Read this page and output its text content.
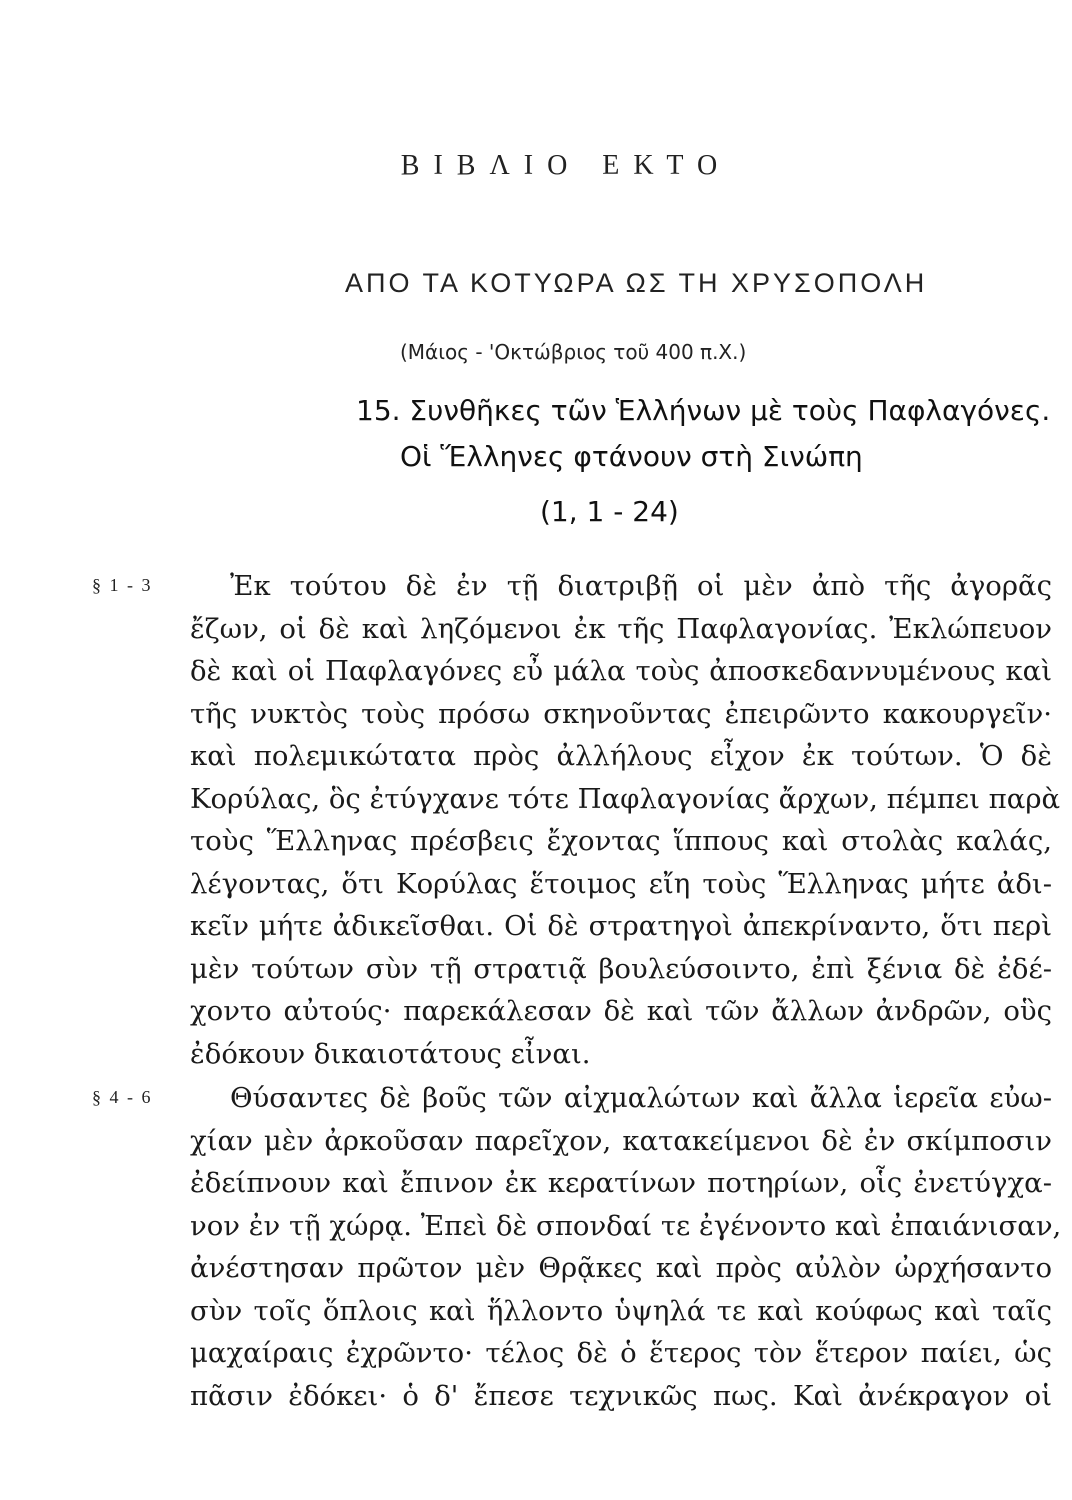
ΒΙΒΛΙΟ ΕΚΤΟ
ΑΠΟ ΤΑ ΚΟΤΥΩΡΑ ΩΣ ΤΗ ΧΡΥΣΟΠΟΛΗ

(Μάιος - 'Οκτώβριος τοῦ 400 π.Χ.)

15. Συνθῆκες τῶν Ἑλλήνων μὲ τοὺς Παφλαγόνες.
Οἱ Ἕλληνες φτάνουν στὴ Σινώπη

(1, 1 - 24)

§ 1 - 3	Ἐκ τούτου δὲ ἐν τῇ διατριβῇ οἱ μὲν ἀπὸ τῆς ἀγορᾶς
ἔζων, οἱ δὲ καὶ ληζόμενοι ἐκ τῆς Παφλαγονίας. Ἐκλώπευον
δὲ καὶ οἱ Παφλαγόνες εὖ μάλα τοὺς ἀποσκεδαννυμένους καὶ
τῆς νυκτὸς τοὺς πρόσω σκηνοῦντας ἐπειρῶντο κακουργεῖν·
καὶ πολεμικώτατα πρὸς ἀλλήλους εἶχον ἐκ τούτων. Ὁ δὲ
Κορύλας, ὃς ἐτύγχανε τότε Παφλαγονίας ἄρχων, πέμπει παρὰ
τοὺς Ἕλληνας πρέσβεις ἔχοντας ἵππους καὶ στολὰς καλάς,
λέγοντας, ὅτι Κορύλας ἕτοιμος εἴη τοὺς Ἕλληνας μήτε ἀδι-
κεῖν μήτε ἀδικεῖσθαι. Οἱ δὲ στρατηγοὶ ἀπεκρίναντο, ὅτι περὶ
μὲν τούτων σὺν τῇ στρατιᾷ βουλεύσοιντο, ἐπὶ ξένια δὲ ἐδέ-
χοντο αὐτούς· παρεκάλεσαν δὲ καὶ τῶν ἄλλων ἀνδρῶν, οὓς
ἐδόκουν δικαιοτάτους εἶναι.
§ 4 - 6	Θύσαντες δὲ βοῦς τῶν αἰχμαλώτων καὶ ἄλλα ἱερεῖα εὐω-
χίαν μὲν ἀρκοῦσαν παρεῖχον, κατακείμενοι δὲ ἐν σκίμποσιν
ἐδείπνουν καὶ ἔπινον ἐκ κερατίνων ποτηρίων, οἷς ἐνετύγχα-
νον ἐν τῇ χώρᾳ. Ἐπεὶ δὲ σπονδαί τε ἐγένοντο καὶ ἐπαιάνισαν,
ἀνέστησαν πρῶτον μὲν Θρᾷκες καὶ πρὸς αὐλὸν ὠρχήσαντο
σὺν τοῖς ὅπλοις καὶ ἥλλοντο ὑψηλά τε καὶ κούφως καὶ ταῖς
μαχαίραις ἐχρῶντο· τέλος δὲ ὁ ἕτερος τὸν ἕτερον παίει, ὡς
πᾶσιν ἐδόκει· ὁ δ' ἔπεσε τεχνικῶς πως. Καὶ ἀνέκραγον οἱ
